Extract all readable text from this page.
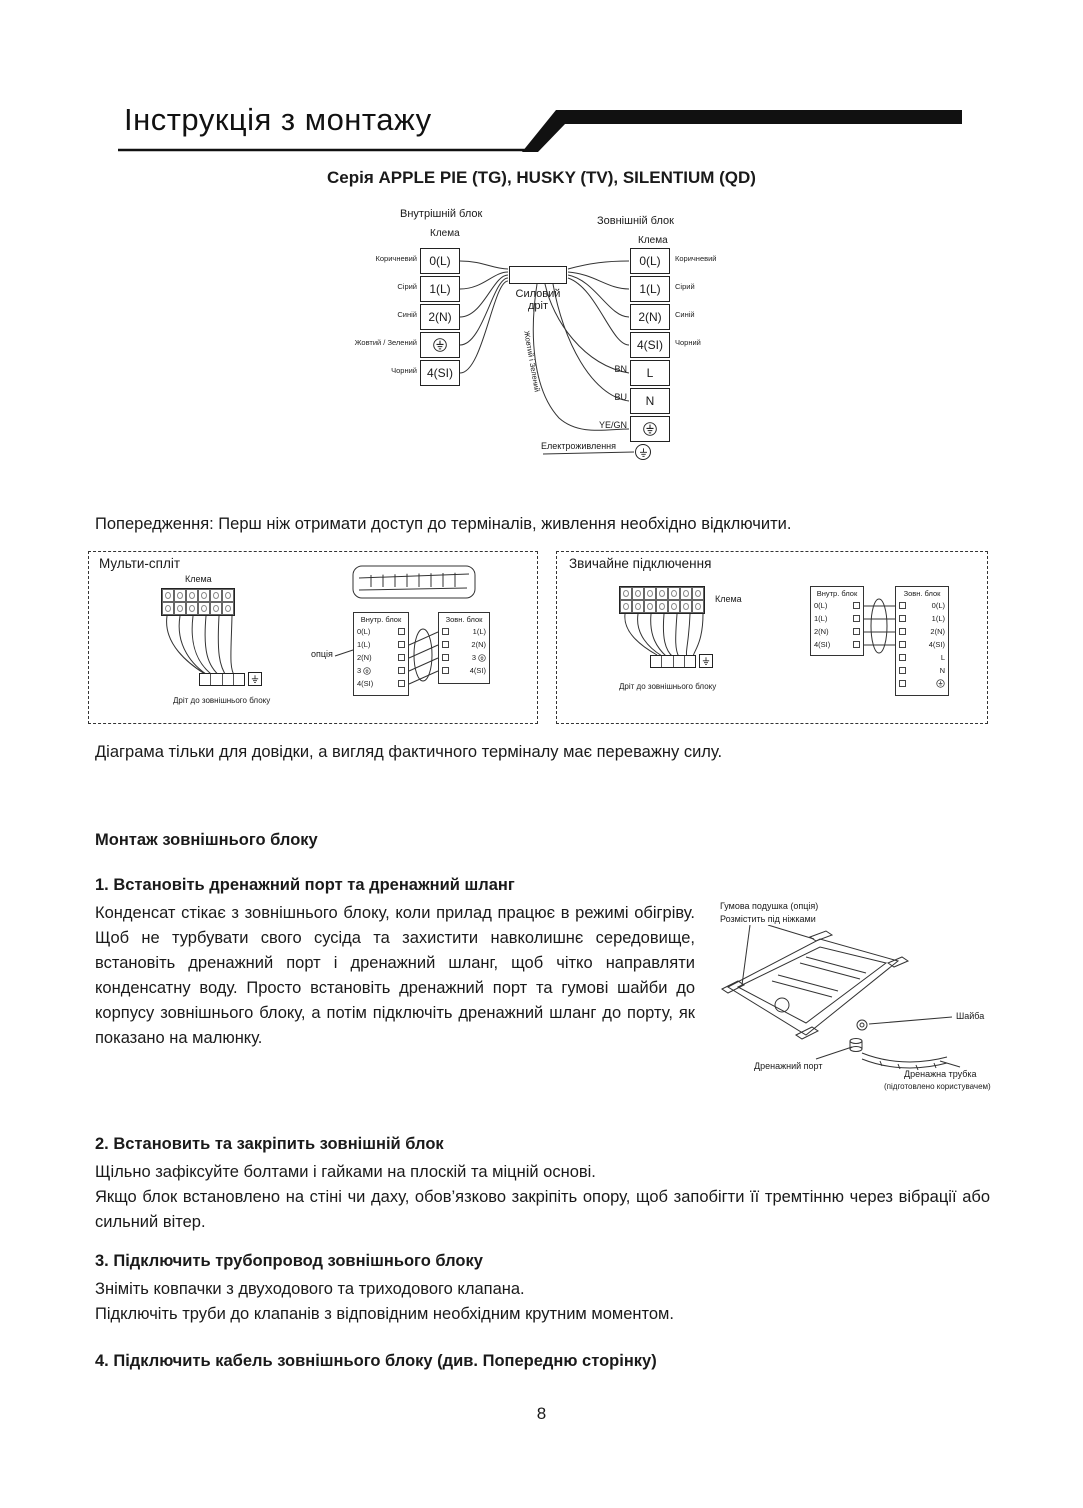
Інструкція з монтажу
Серія APPLE PIE (TG), HUSKY (TV), SILENTIUM (QD)
Внутрішній блок
Клема
Зовнішній блок
Клема
Коричневий
Сірий
Синій
Жовтий / Зелений
Чорний
0(L)
1(L)
2(N)
4(SI)
Силовий дріт
Жовтий і Зелений
0(L)
1(L)
2(N)
4(SI)
L
N
Коричневий
Сірий
Синій
Чорний
BN
BU
YE/GN
Електроживлення
Попередження: Перш ніж отримати доступ до терміналів, живлення необхідно відключити.
Мульти-спліт
Клема
Дріт до зовнішнього блоку
опція
Внутр. блок
0(L)
1(L)
2(N)
3
4(SI)
Зовн. блок
1(L)
2(N)
3
4(SI)
Звичайне підключення
Клема
Дріт до зовнішнього блоку
Внутр. блок
0(L)
1(L)
2(N)
4(SI)
Зовн. блок
0(L)
1(L)
2(N)
4(SI)
L
N
Діаграма тільки для довідки, а вигляд фактичного терміналу має переважну силу.
Монтаж зовнішнього блоку
1. Встановіть дренажний порт та дренажний шланг
Конденсат стікає з зовнішнього блоку, коли прилад працює в режимі обігріву. Щоб не турбувати свого сусіда та захистити навколишнє середовище, встановіть дренажний порт і дренажний шланг, щоб чітко направляти конденсатну воду. Просто встановіть дренажний порт та гумові шайби до корпусу зовнішнього блоку, а потім підключіть дренажний шланг до порту, як показано на малюнку.
Гумова подушка (опція)
Розмістить під ніжками
Шайба
Дренажний порт
Дренажна трубка
(підготовлено користувачем)
2. Встановить та закріпить зовнішній блок
Щільно зафіксуйте болтами і гайками на плоскій та міцній основі.
Якщо блок встановлено на стіні чи даху, обов’язково закріпіть опору, щоб запобігти її тремтінню через вібрації або сильний вітер.
3. Підключить трубопровод зовнішнього блоку
Зніміть ковпачки з двуходового та триходового клапана.
Підключіть труби до клапанів з відповідним необхідним крутним моментом.
4. Підключить кабель зовнішнього блоку (див. Попередню сторінку)
8
